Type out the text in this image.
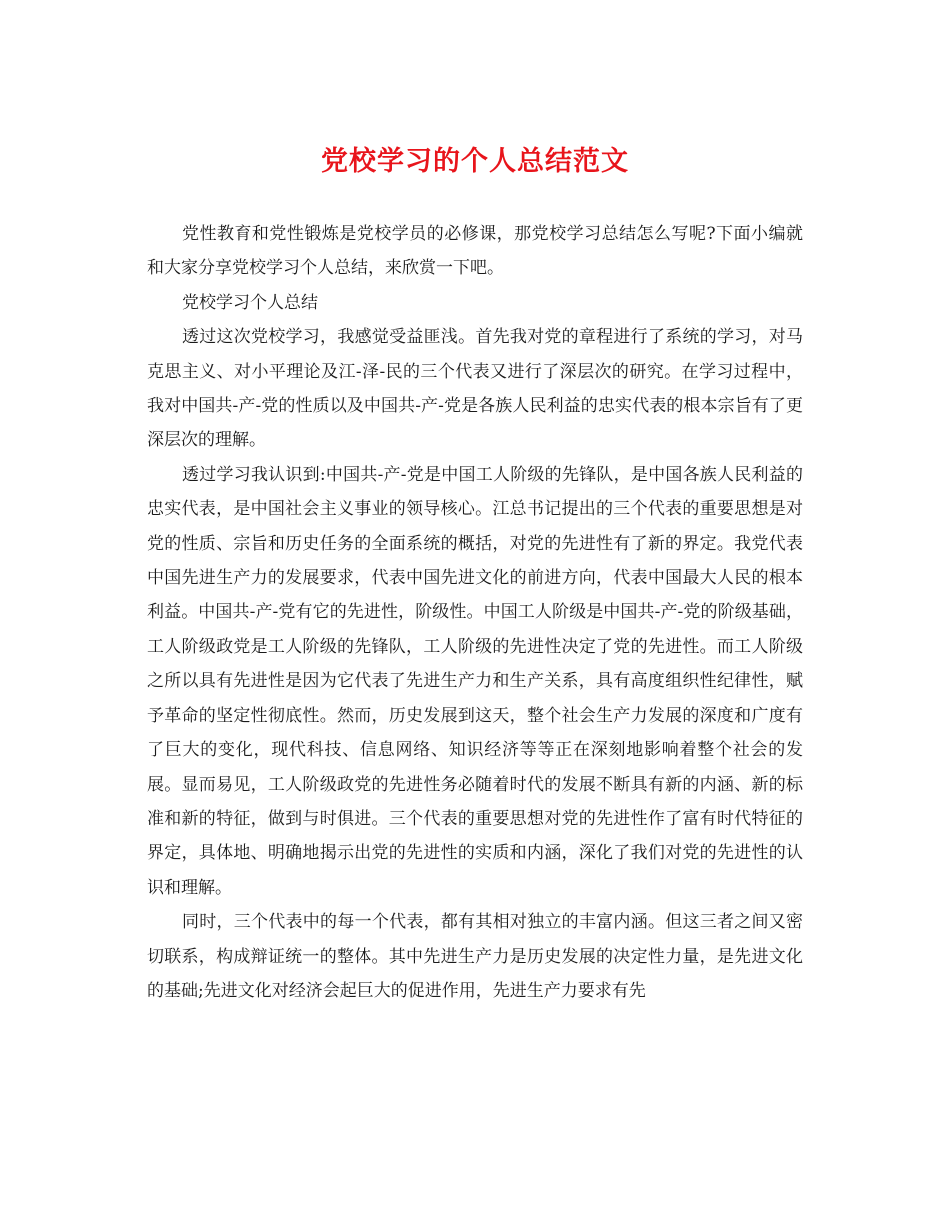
党校学习的个人总结范文

党性教育和党性锻炼是党校学员的必修课，那党校学习总结怎么写呢?下面小编就和大家分享党校学习个人总结，来欣赏一下吧。

党校学习个人总结

透过这次党校学习，我感觉受益匪浅。首先我对党的章程进行了系统的学习，对马克思主义、对小平理论及江-泽-民的三个代表又进行了深层次的研究。在学习过程中，我对中国共-产-党的性质以及中国共-产-党是各族人民利益的忠实代表的根本宗旨有了更深层次的理解。

透过学习我认识到:中国共-产-党是中国工人阶级的先锋队，是中国各族人民利益的忠实代表，是中国社会主义事业的领导核心。江总书记提出的三个代表的重要思想是对党的性质、宗旨和历史任务的全面系统的概括，对党的先进性有了新的界定。我党代表中国先进生产力的发展要求，代表中国先进文化的前进方向，代表中国最大人民的根本利益。中国共-产-党有它的先进性，阶级性。中国工人阶级是中国共-产-党的阶级基础，工人阶级政党是工人阶级的先锋队，工人阶级的先进性决定了党的先进性。而工人阶级之所以具有先进性是因为它代表了先进生产力和生产关系，具有高度组织性纪律性，赋予革命的坚定性彻底性。然而，历史发展到这天，整个社会生产力发展的深度和广度有了巨大的变化，现代科技、信息网络、知识经济等等正在深刻地影响着整个社会的发展。显而易见，工人阶级政党的先进性务必随着时代的发展不断具有新的内涵、新的标准和新的特征，做到与时俱进。三个代表的重要思想对党的先进性作了富有时代特征的界定，具体地、明确地揭示出党的先进性的实质和内涵，深化了我们对党的先进性的认识和理解。

同时，三个代表中的每一个代表，都有其相对独立的丰富内涵。但这三者之间又密切联系，构成辩证统一的整体。其中先进生产力是历史发展的决定性力量，是先进文化的基础;先进文化对经济会起巨大的促进作用，先进生产力要求有先
